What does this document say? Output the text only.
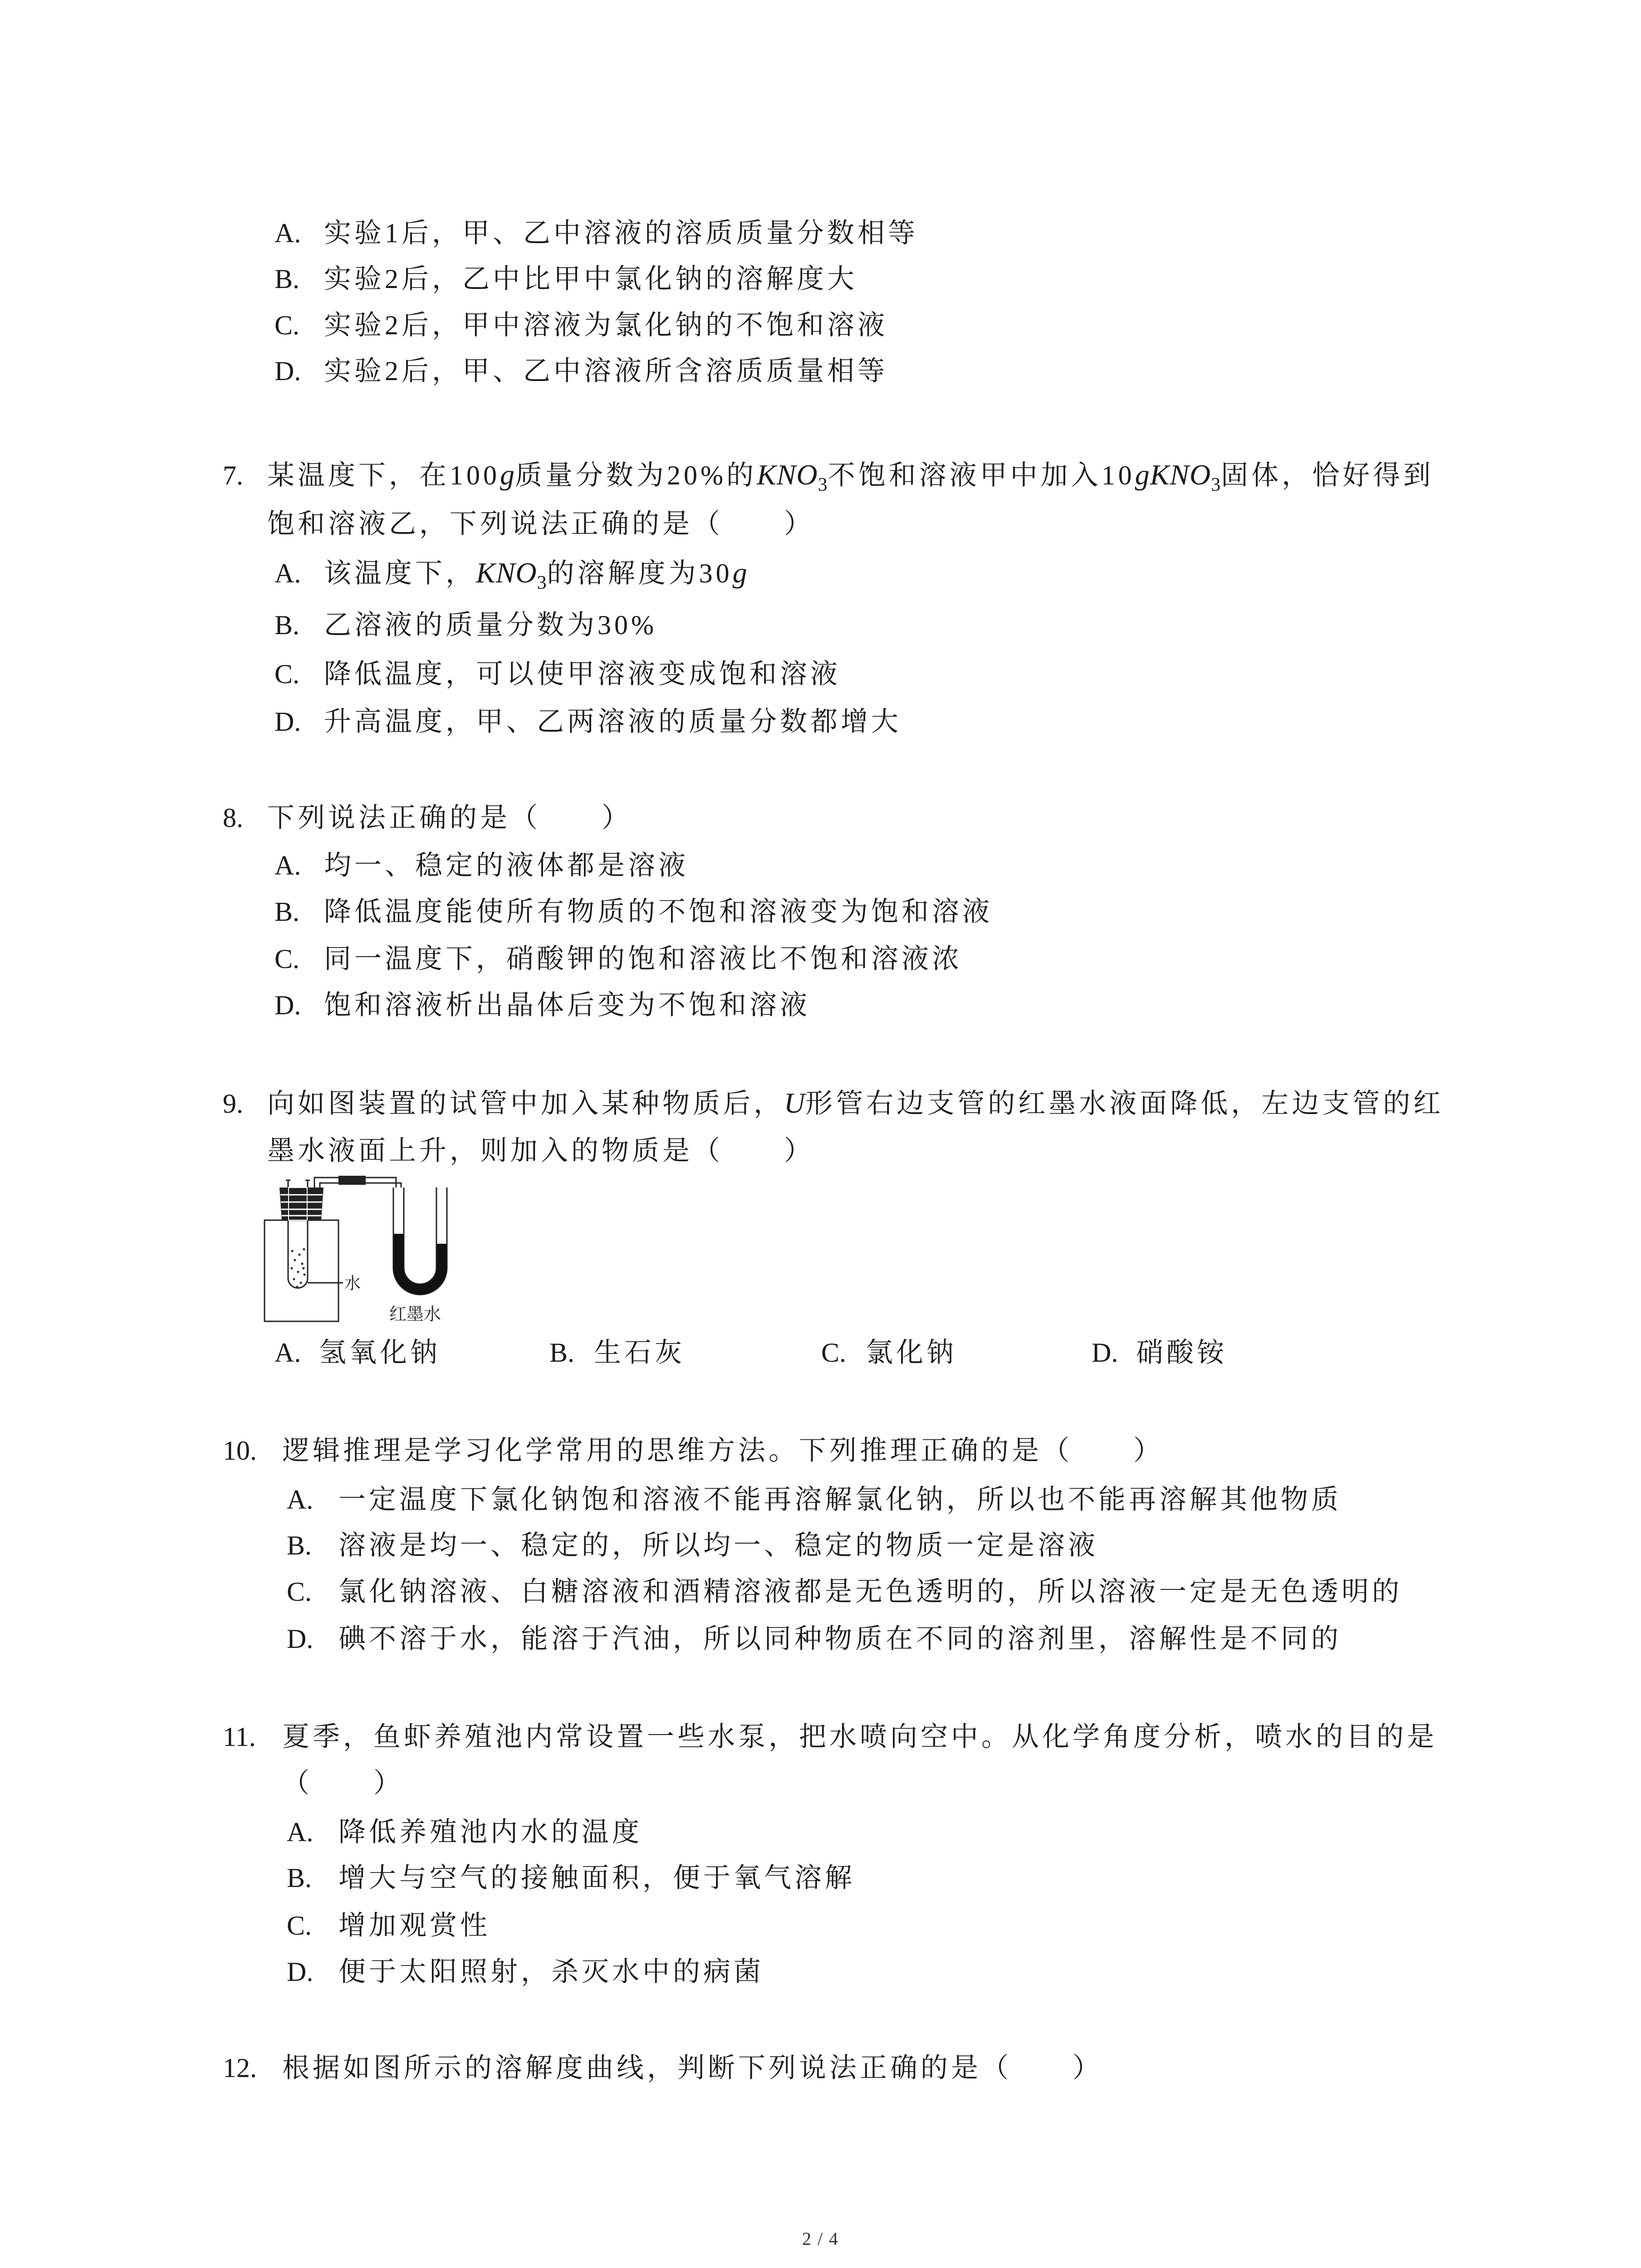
A. 实验1后，甲、乙中溶液的溶质质量分数相等
B. 实验2后，乙中比甲中氯化钠的溶解度大
C. 实验2后，甲中溶液为氯化钠的不饱和溶液
D. 实验2后，甲、乙中溶液所含溶质质量相等
7. 某温度下，在100g质量分数为20%的$KNO_3$不饱和溶液甲中加入10gKNO$_3$固体，恰好得到
饱和溶液乙，下列说法正确的是（　　）
A. 该温度下，$KNO_3$的溶解度为30g
B. 乙溶液的质量分数为30%
C. 降低温度，可以使甲溶液变成饱和溶液
D. 升高温度，甲、乙两溶液的质量分数都增大
8. 下列说法正确的是（　　）
A. 均一、稳定的液体都是溶液
B. 降低温度能使所有物质的不饱和溶液变为饱和溶液
C. 同一温度下，硝酸钾的饱和溶液比不饱和溶液浓
D. 饱和溶液析出晶体后变为不饱和溶液
9. 向如图装置的试管中加入某种物质后，U形管右边支管的红墨水液面降低，左边支管的红
墨水液面上升，则加入的物质是（　　）
水
红墨水
A. 氢氧化钠	B. 生石灰	C. 氯化钠	D. 硝酸铵
10. 逻辑推理是学习化学常用的思维方法。下列推理正确的是（　　）
A. 一定温度下氯化钠饱和溶液不能再溶解氯化钠，所以也不能再溶解其他物质
B. 溶液是均一、稳定的，所以均一、稳定的物质一定是溶液
C. 氯化钠溶液、白糖溶液和酒精溶液都是无色透明的，所以溶液一定是无色透明的
D. 碘不溶于水，能溶于汽油，所以同种物质在不同的溶剂里，溶解性是不同的
11. 夏季，鱼虾养殖池内常设置一些水泵，把水喷向空中。从化学角度分析，喷水的目的是
（　　）
A. 降低养殖池内水的温度
B. 增大与空气的接触面积，便于氧气溶解
C. 增加观赏性
D. 便于太阳照射，杀灭水中的病菌
12. 根据如图所示的溶解度曲线，判断下列说法正确的是（　　）
2 / 4
